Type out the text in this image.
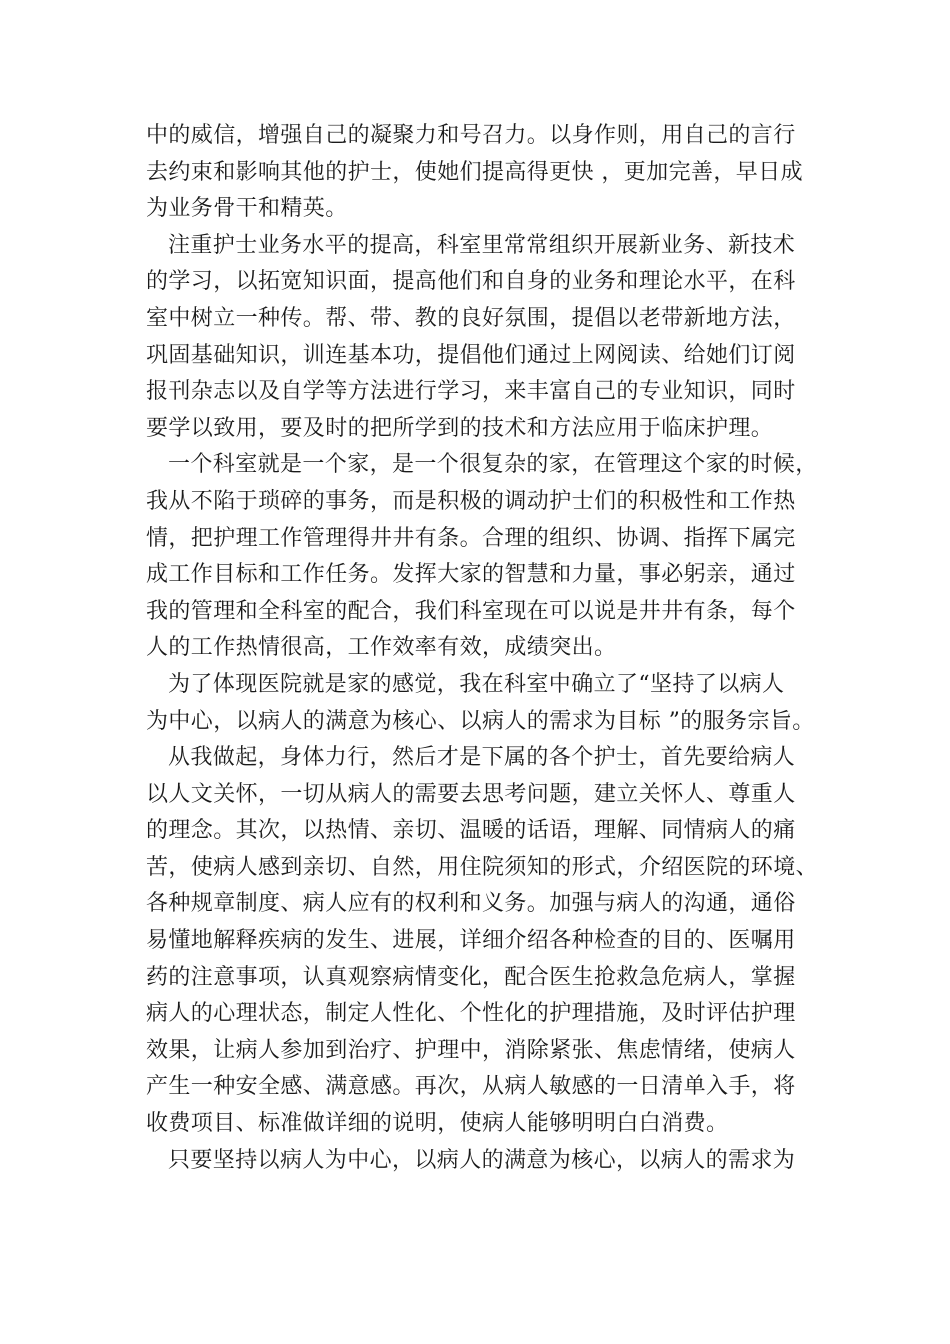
中的威信，增强自己的凝聚力和号召力。以身作则，用自己的言行
去约束和影响其他的护士，使她们提高得更快 ，更加完善，早日成
为业务骨干和精英。
注重护士业务水平的提高，科室里常常组织开展新业务、新技术
的学习，以拓宽知识面，提高他们和自身的业务和理论水平，在科
室中树立一种传。帮、带、教的良好氛围，提倡以老带新地方法，
巩固基础知识，训连基本功，提倡他们通过上网阅读、给她们订阅
报刊杂志以及自学等方法进行学习，来丰富自己的专业知识，同时
要学以致用，要及时的把所学到的技术和方法应用于临床护理。
一个科室就是一个家，是一个很复杂的家，在管理这个家的时候，
我从不陷于琐碎的事务，而是积极的调动护士们的积极性和工作热
情，把护理工作管理得井井有条。合理的组织、协调、指挥下属完
成工作目标和工作任务。发挥大家的智慧和力量，事必躬亲，通过
我的管理和全科室的配合，我们科室现在可以说是井井有条，每个
人的工作热情很高，工作效率有效，成绩突出。
为了体现医院就是家的感觉，我在科室中确立了“坚持了以病人
为中心，以病人的满意为核心、以病人的需求为目标 ”的服务宗旨。
从我做起，身体力行，然后才是下属的各个护士，首先要给病人
以人文关怀，一切从病人的需要去思考问题，建立关怀人、尊重人
的理念。其次，以热情、亲切、温暖的话语，理解、同情病人的痛
苦，使病人感到亲切、自然，用住院须知的形式，介绍医院的环境、
各种规章制度、病人应有的权利和义务。加强与病人的沟通，通俗
易懂地解释疾病的发生、进展，详细介绍各种检查的目的、医嘱用
药的注意事项，认真观察病情变化，配合医生抢救急危病人，掌握
病人的心理状态，制定人性化、个性化的护理措施，及时评估护理
效果，让病人参加到治疗、护理中，消除紧张、焦虑情绪，使病人
产生一种安全感、满意感。再次，从病人敏感的一日清单入手，将
收费项目、标准做详细的说明，使病人能够明明白白消费。
只要坚持以病人为中心，以病人的满意为核心，以病人的需求为
